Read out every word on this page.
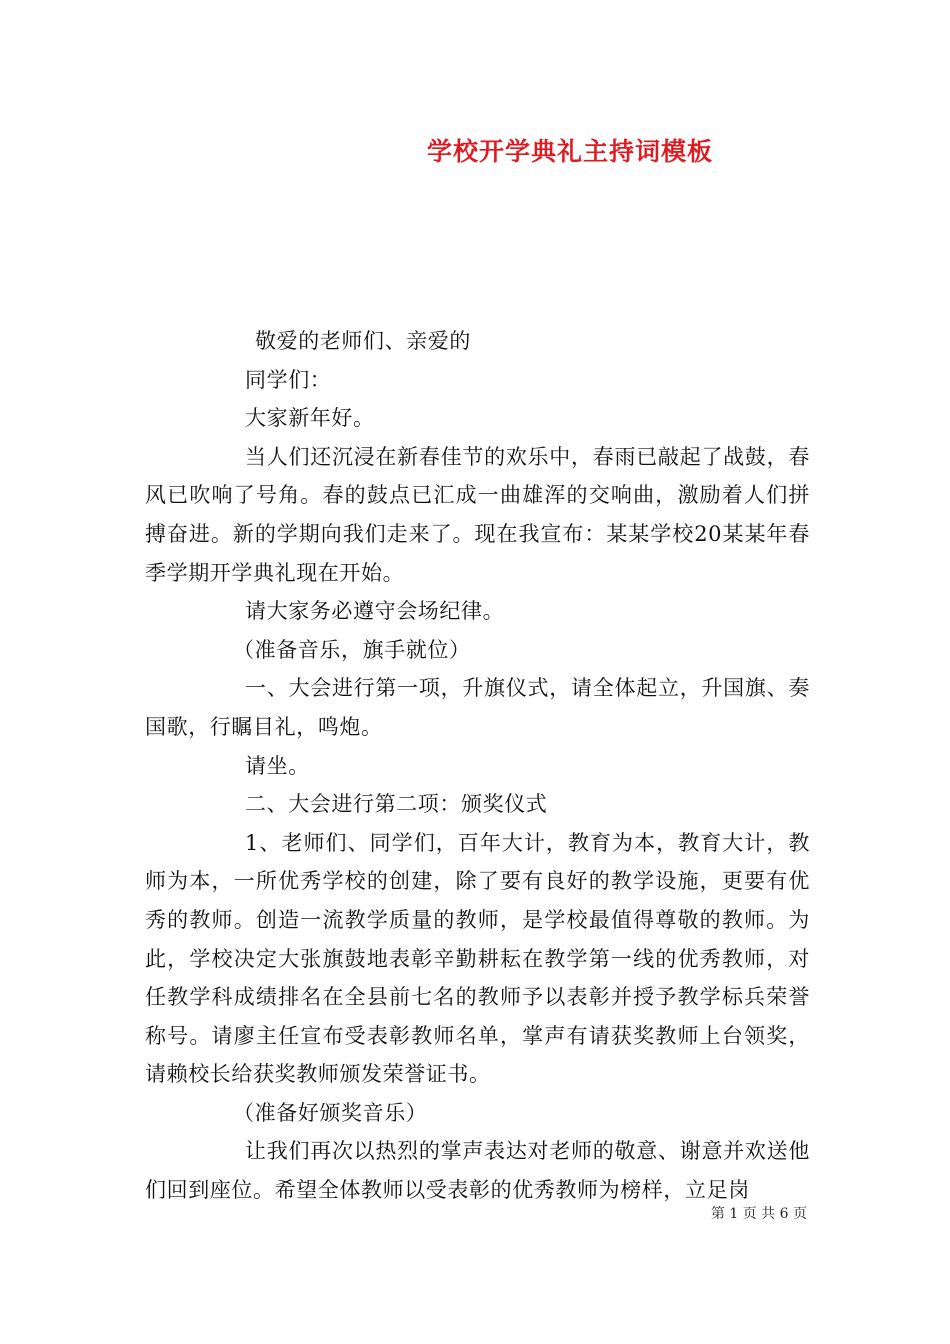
学校开学典礼主持词模板

敬爱的老师们、亲爱的

同学们：

大家新年好。

当人们还沉浸在新春佳节的欢乐中，春雨已敲起了战鼓，春风已吹响了号角。春的鼓点已汇成一曲雄浑的交响曲，激励着人们拼搏奋进。新的学期向我们走来了。现在我宣布：某某学校20某某年春季学期开学典礼现在开始。

请大家务必遵守会场纪律。

（准备音乐，旗手就位）

一、大会进行第一项，升旗仪式，请全体起立，升国旗、奏国歌，行瞩目礼，鸣炮。

请坐。

二、大会进行第二项：颁奖仪式

1、老师们、同学们，百年大计，教育为本，教育大计，教师为本，一所优秀学校的创建，除了要有良好的教学设施，更要有优秀的教师。创造一流教学质量的教师，是学校最值得尊敬的教师。为此，学校决定大张旗鼓地表彰辛勤耕耘在教学第一线的优秀教师，对任教学科成绩排名在全县前七名的教师予以表彰并授予教学标兵荣誉称号。请廖主任宣布受表彰教师名单，掌声有请获奖教师上台领奖，请赖校长给获奖教师颁发荣誉证书。

（准备好颁奖音乐）

让我们再次以热烈的掌声表达对老师的敬意、谢意并欢送他们回到座位。希望全体教师以受表彰的优秀教师为榜样，立足岗

第 1 页 共 6 页
